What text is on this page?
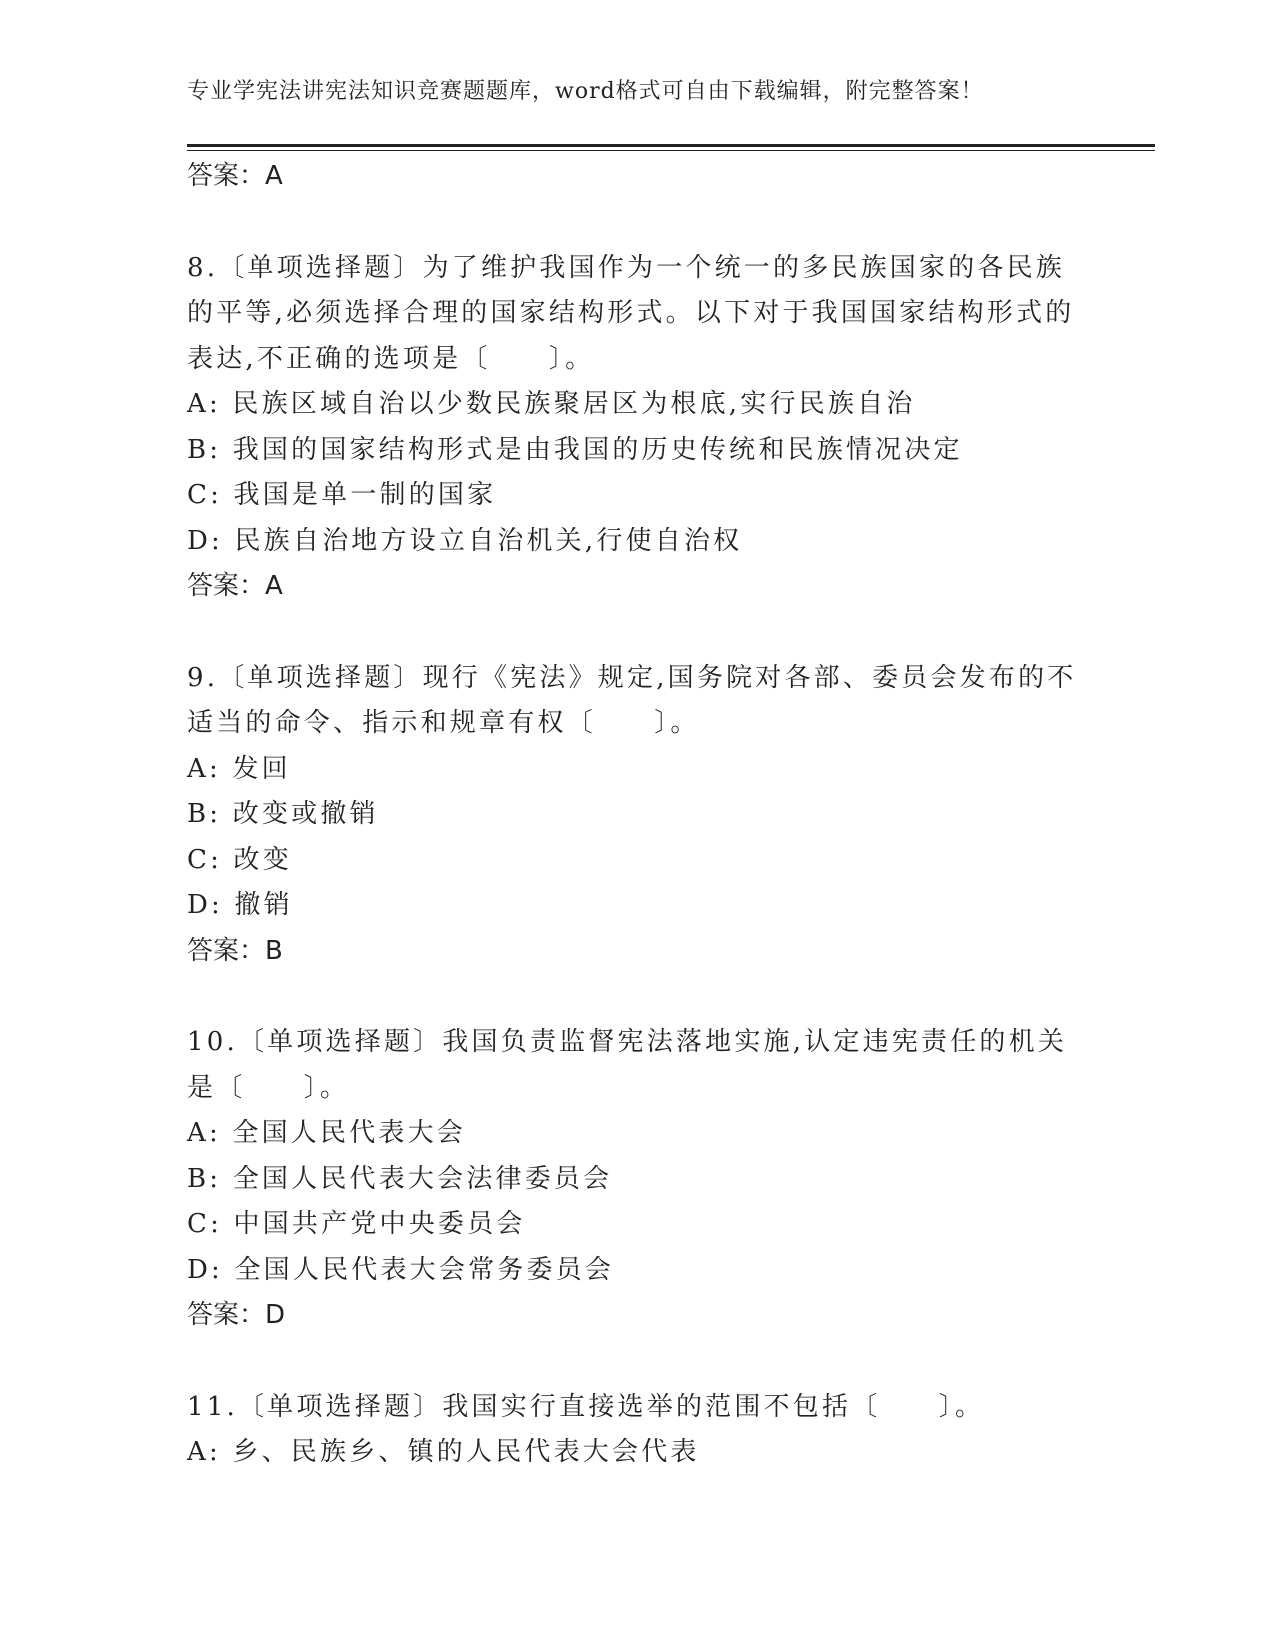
专业学宪法讲宪法知识竞赛题题库，word格式可自由下载编辑，附完整答案！
答案：A
8.〔单项选择题〕为了维护我国作为一个统一的多民族国家的各民族
的平等,必须选择合理的国家结构形式。以下对于我国国家结构形式的
表达,不正确的选项是〔　　〕。
A: 民族区域自治以少数民族聚居区为根底,实行民族自治
B: 我国的国家结构形式是由我国的历史传统和民族情况决定
C: 我国是单一制的国家
D: 民族自治地方设立自治机关,行使自治权
答案：A
9.〔单项选择题〕现行《宪法》规定,国务院对各部、委员会发布的不
适当的命令、指示和规章有权〔　　〕。
A: 发回
B: 改变或撤销
C: 改变
D: 撤销
答案：B
10.〔单项选择题〕我国负责监督宪法落地实施,认定违宪责任的机关
是〔　　〕。
A: 全国人民代表大会
B: 全国人民代表大会法律委员会
C: 中国共产党中央委员会
D: 全国人民代表大会常务委员会
答案：D
11.〔单项选择题〕我国实行直接选举的范围不包括〔　　〕。
A: 乡、民族乡、镇的人民代表大会代表
